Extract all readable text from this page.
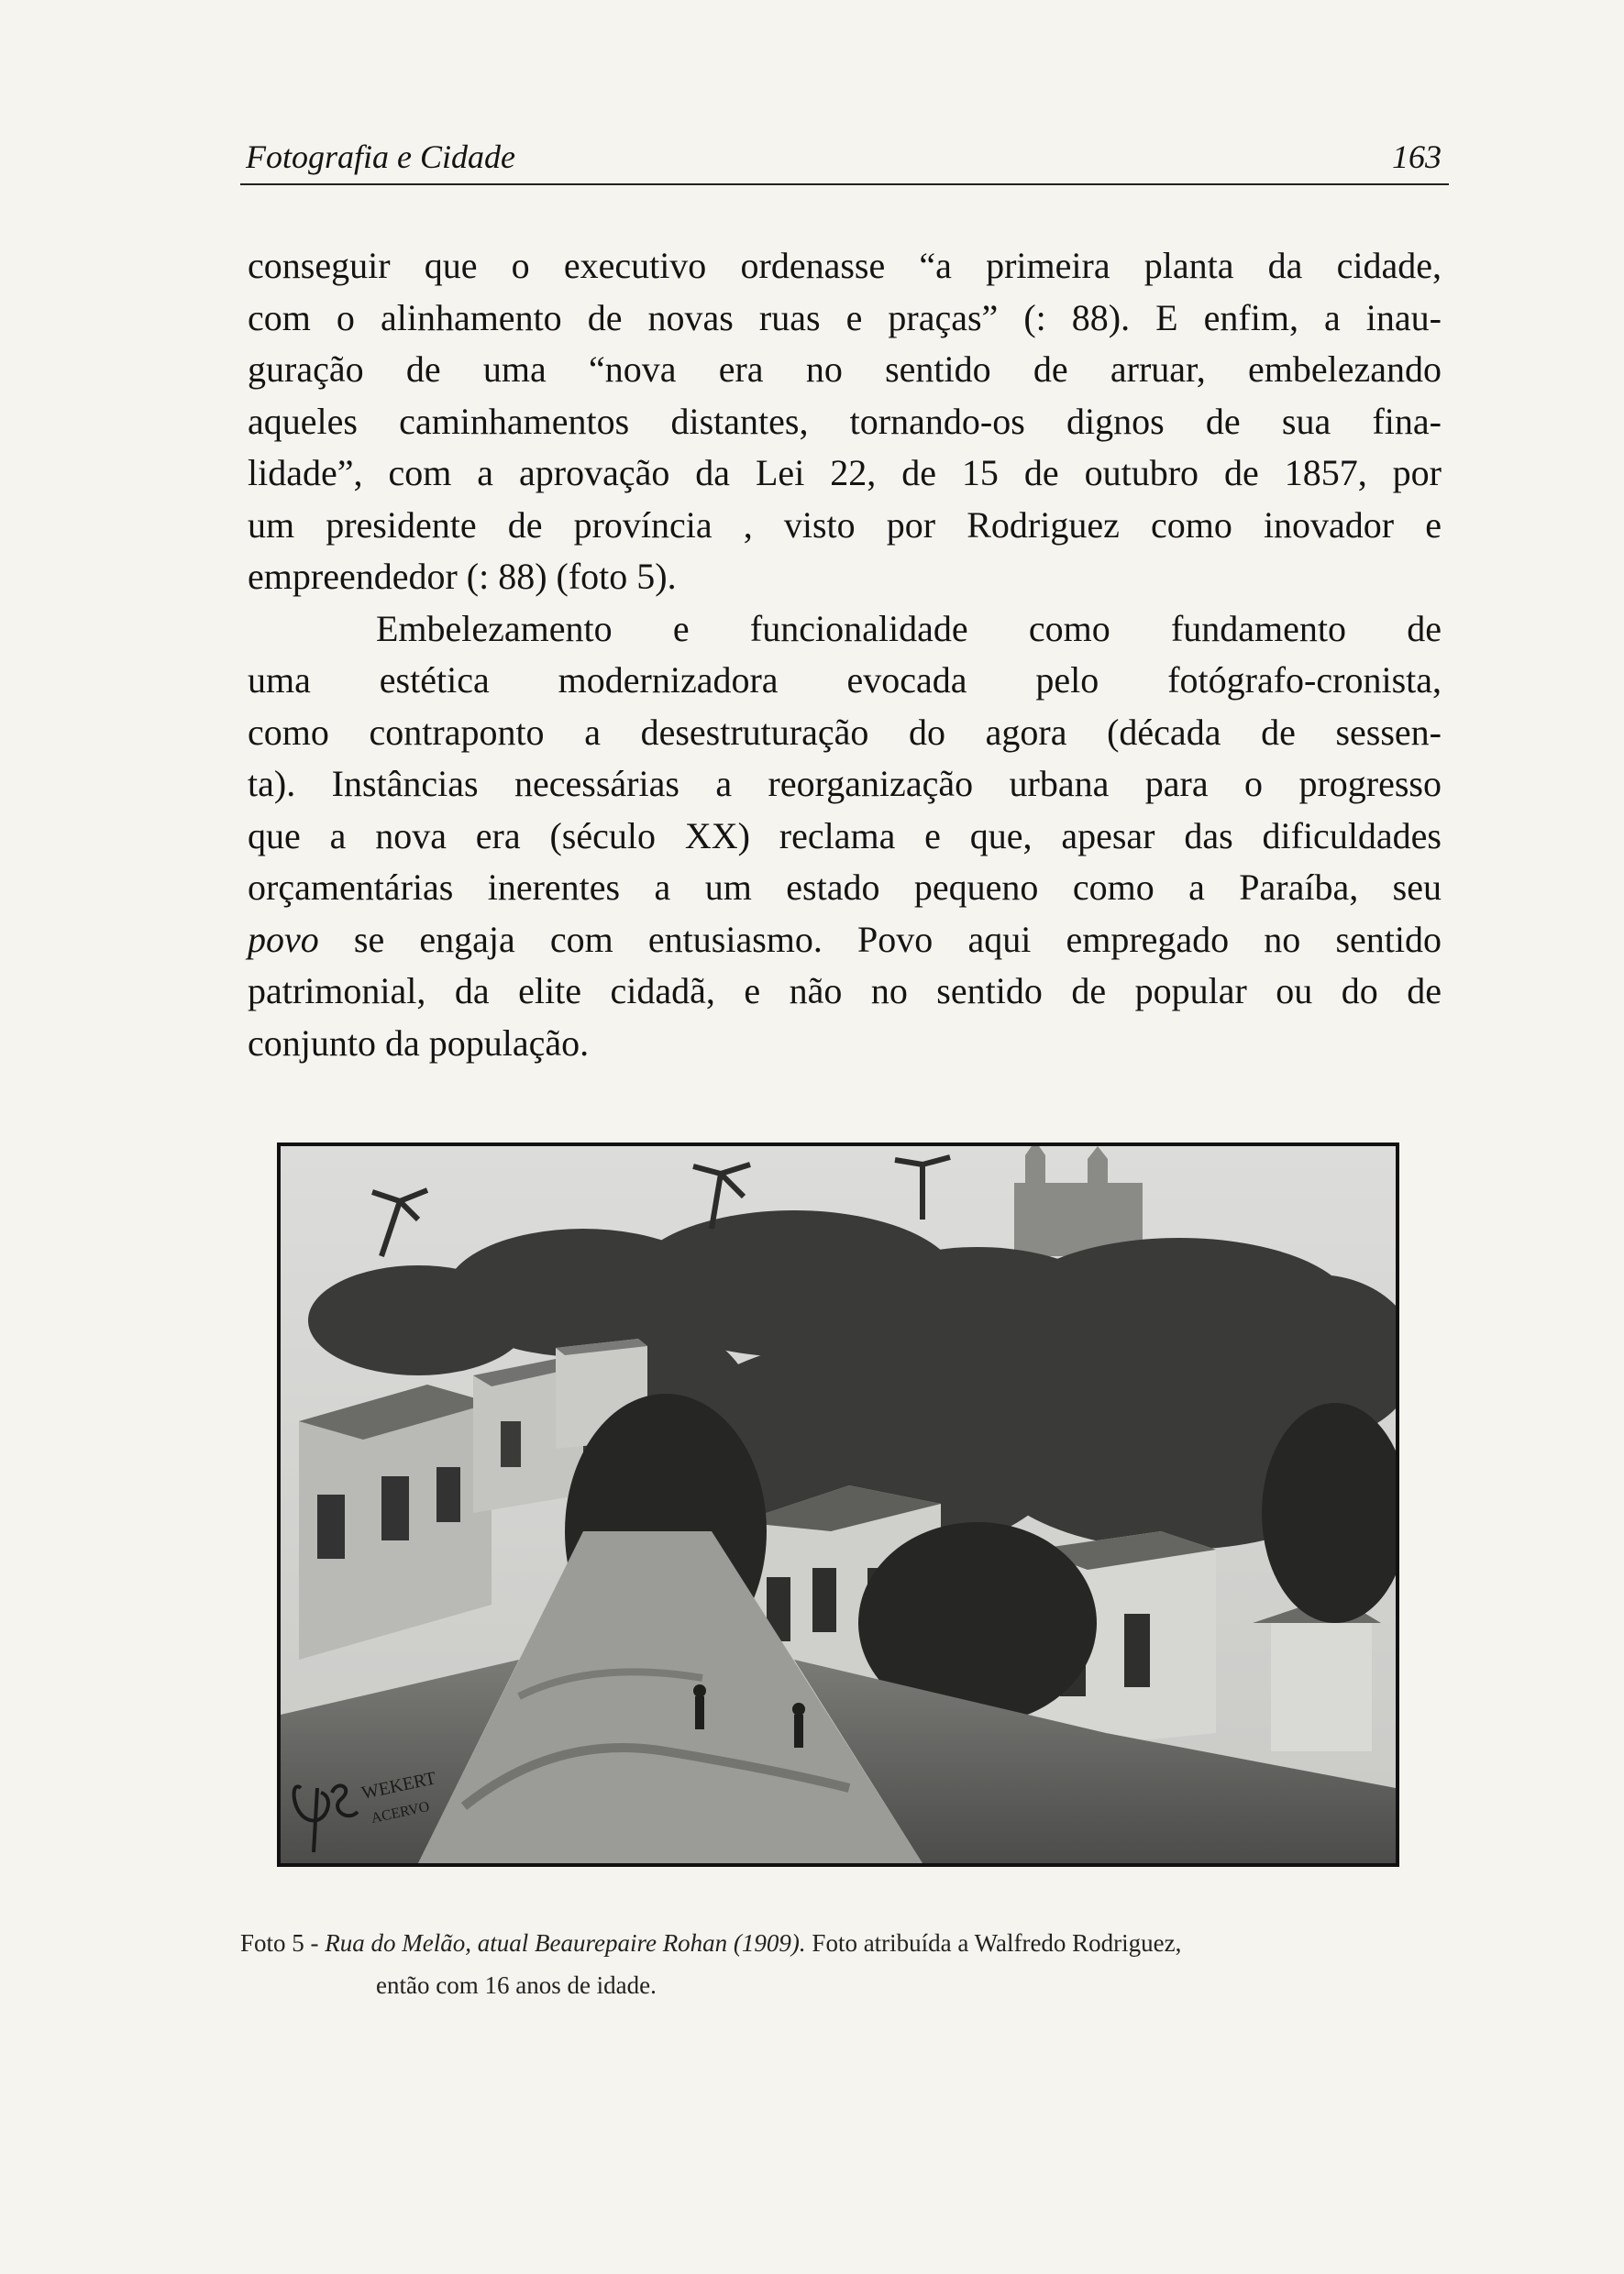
Fotografia e Cidade	163
conseguir que o executivo ordenasse “a primeira planta da cidade,
com o alinhamento de novas ruas e praças” (: 88). E enfim, a inau-
guração de uma “nova era no sentido de arruar, embelezando
aqueles caminhamentos distantes, tornando-os dignos de sua fina-
lidade”, com a aprovação da Lei 22, de 15 de outubro de 1857, por
um presidente de província , visto por Rodriguez como inovador e
empreendedor (: 88) (foto 5).
Embelezamento e funcionalidade como fundamento de
uma estética modernizadora evocada pelo fotógrafo-cronista,
como contraponto a desestruturação do agora (década de sessen-
ta). Instâncias necessárias a reorganização urbana para o progresso
que a nova era (século XX) reclama e que, apesar das dificuldades
orçamentárias inerentes a um estado pequeno como a Paraíba, seu
povo se engaja com entusiasmo. Povo aqui empregado no sentido
patrimonial, da elite cidadã, e não no sentido de popular ou do de
conjunto da população.
WEKERT
ACERVO
Foto 5 - Rua do Melão, atual Beaurepaire Rohan (1909). Foto atribuída a Walfredo Rodriguez,
então com 16 anos de idade.
